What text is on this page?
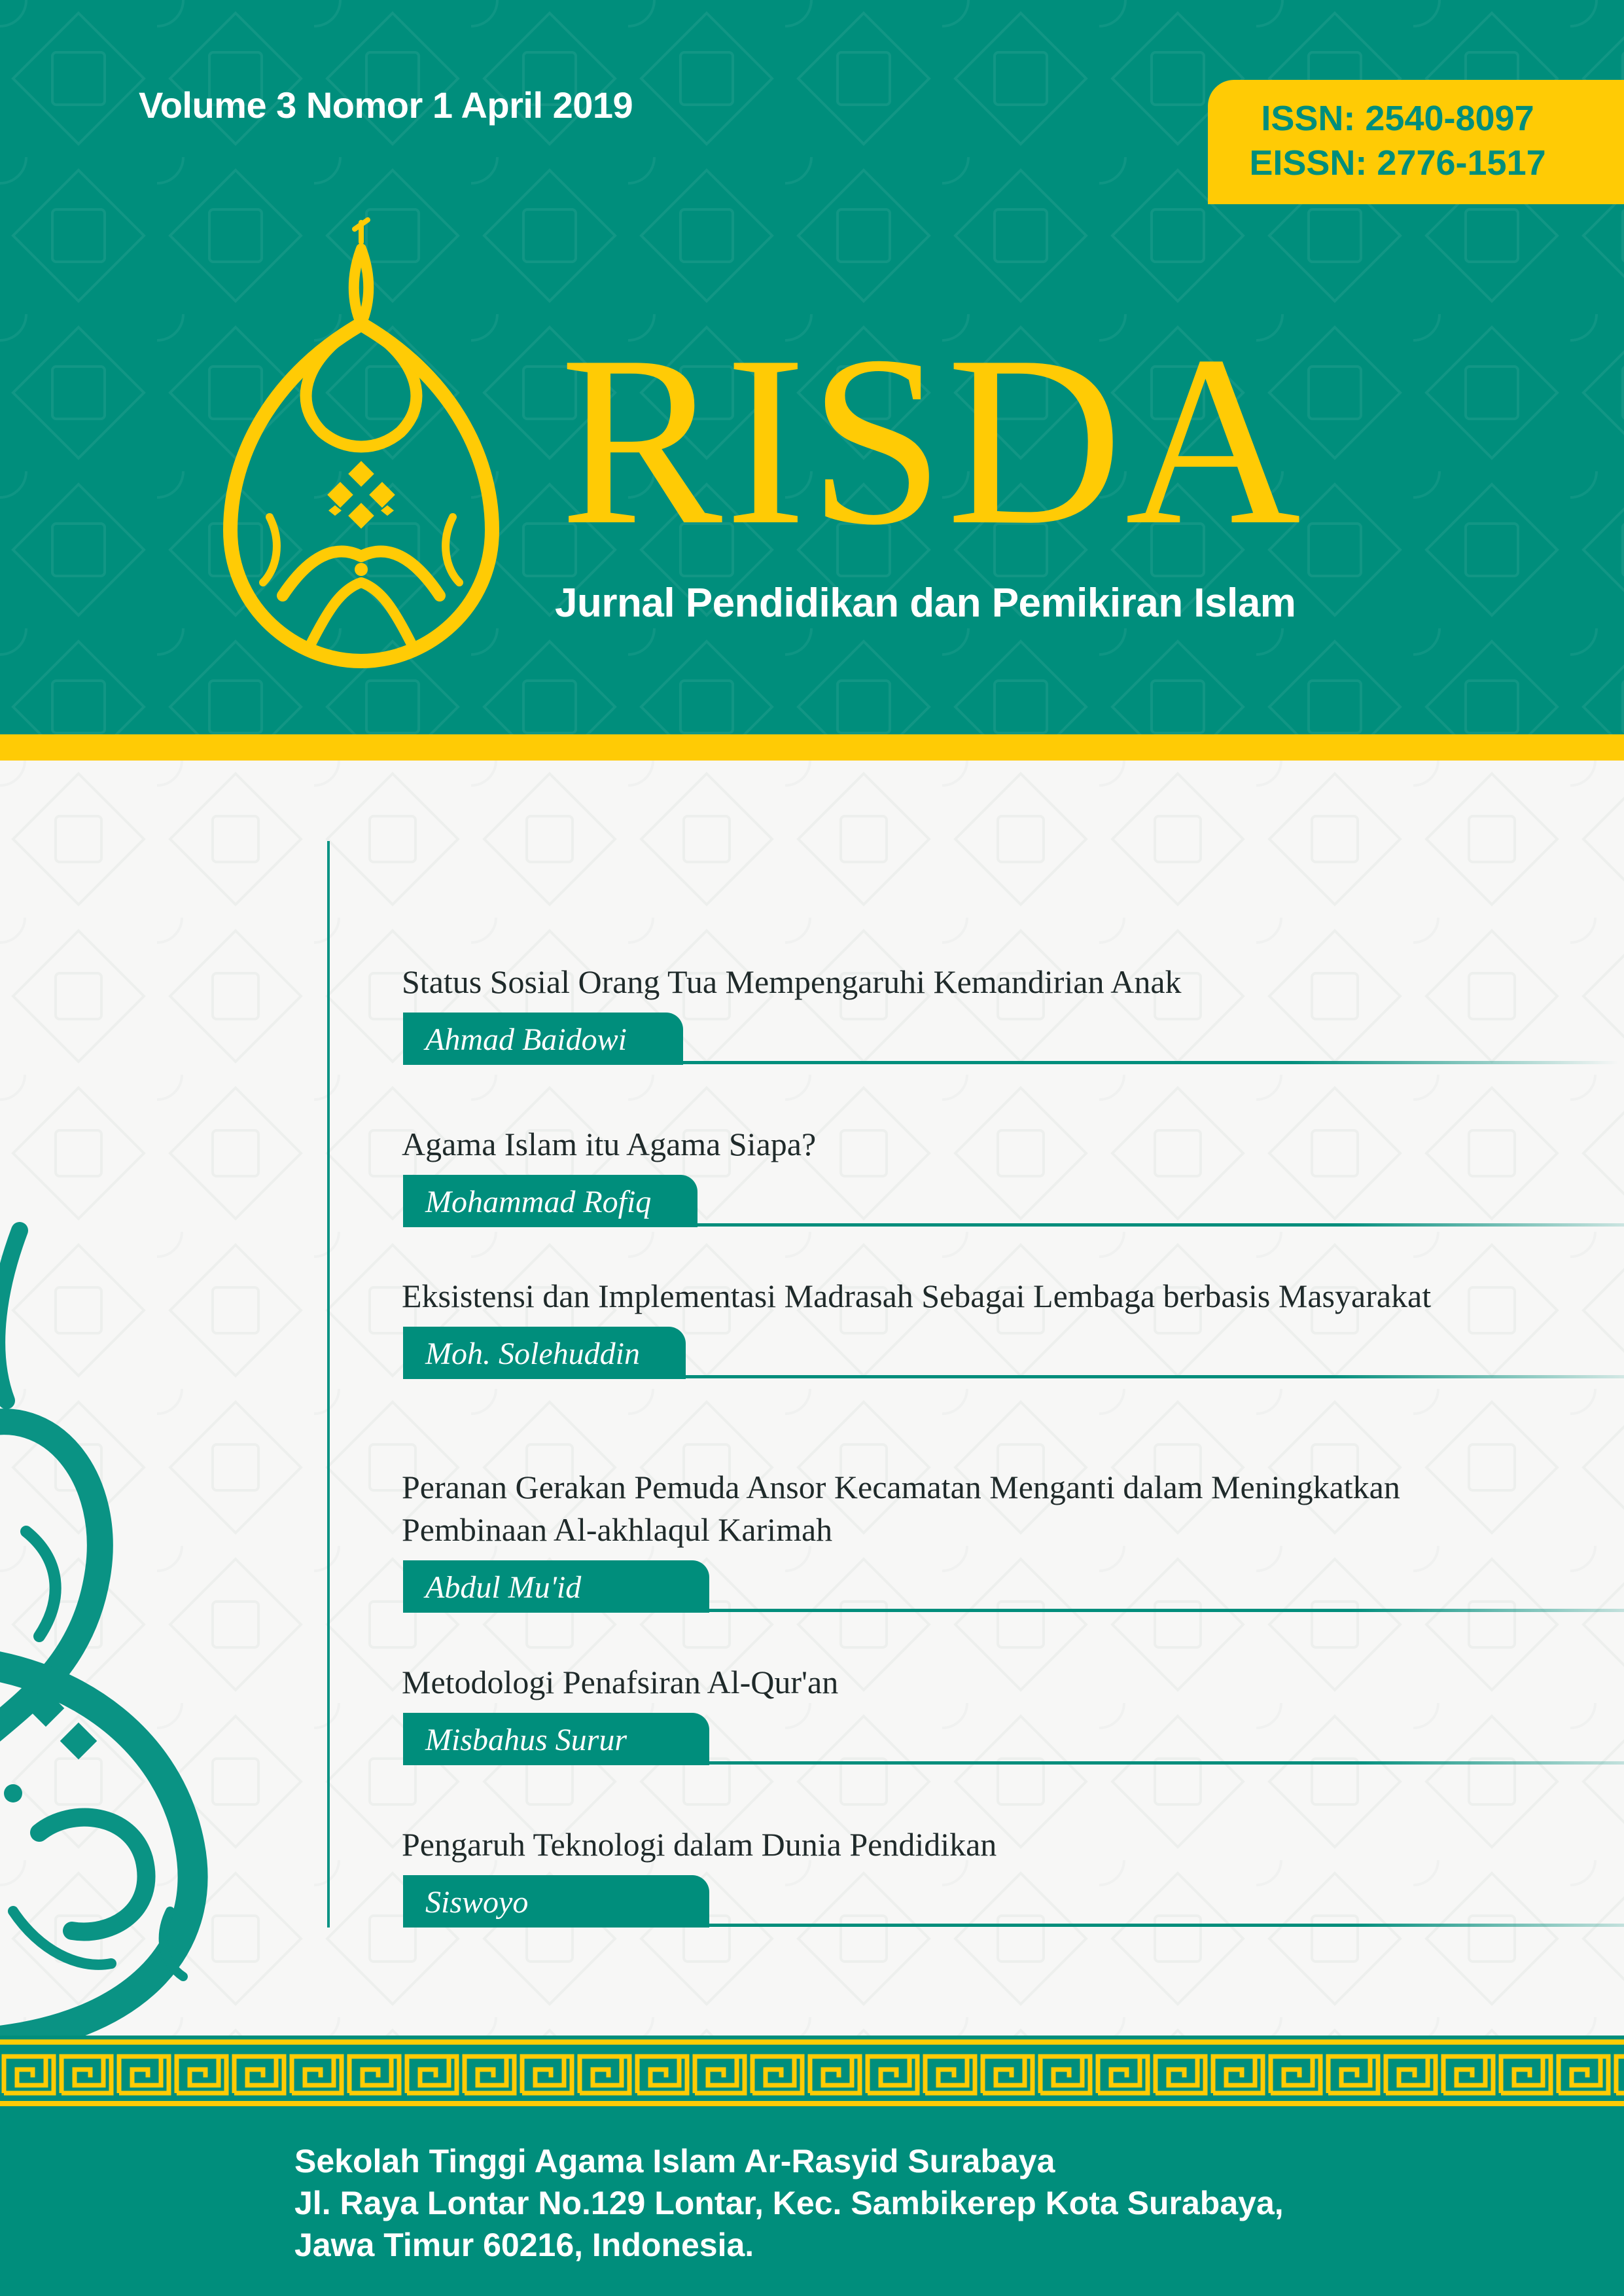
Volume 3 Nomor 1 April 2019	ISSN: 2540-8097
EISSN: 2776-1517
RISDA
Jurnal Pendidikan dan Pemikiran Islam
Status Sosial Orang Tua Mempengaruhi Kemandirian Anak
Ahmad Baidowi
Agama Islam itu Agama Siapa?
Mohammad Rofiq
Eksistensi dan Implementasi Madrasah Sebagai Lembaga berbasis Masyarakat
Moh. Solehuddin
Peranan Gerakan Pemuda Ansor Kecamatan Menganti dalam Meningkatkan Pembinaan Al-akhlaqul Karimah
Abdul Mu'id
Metodologi Penafsiran Al-Qur'an
Misbahus Surur
Pengaruh Teknologi dalam Dunia Pendidikan
Siswoyo
Sekolah Tinggi Agama Islam Ar-Rasyid Surabaya
Jl. Raya Lontar No.129 Lontar, Kec. Sambikerep Kota Surabaya,
Jawa Timur 60216, Indonesia.
